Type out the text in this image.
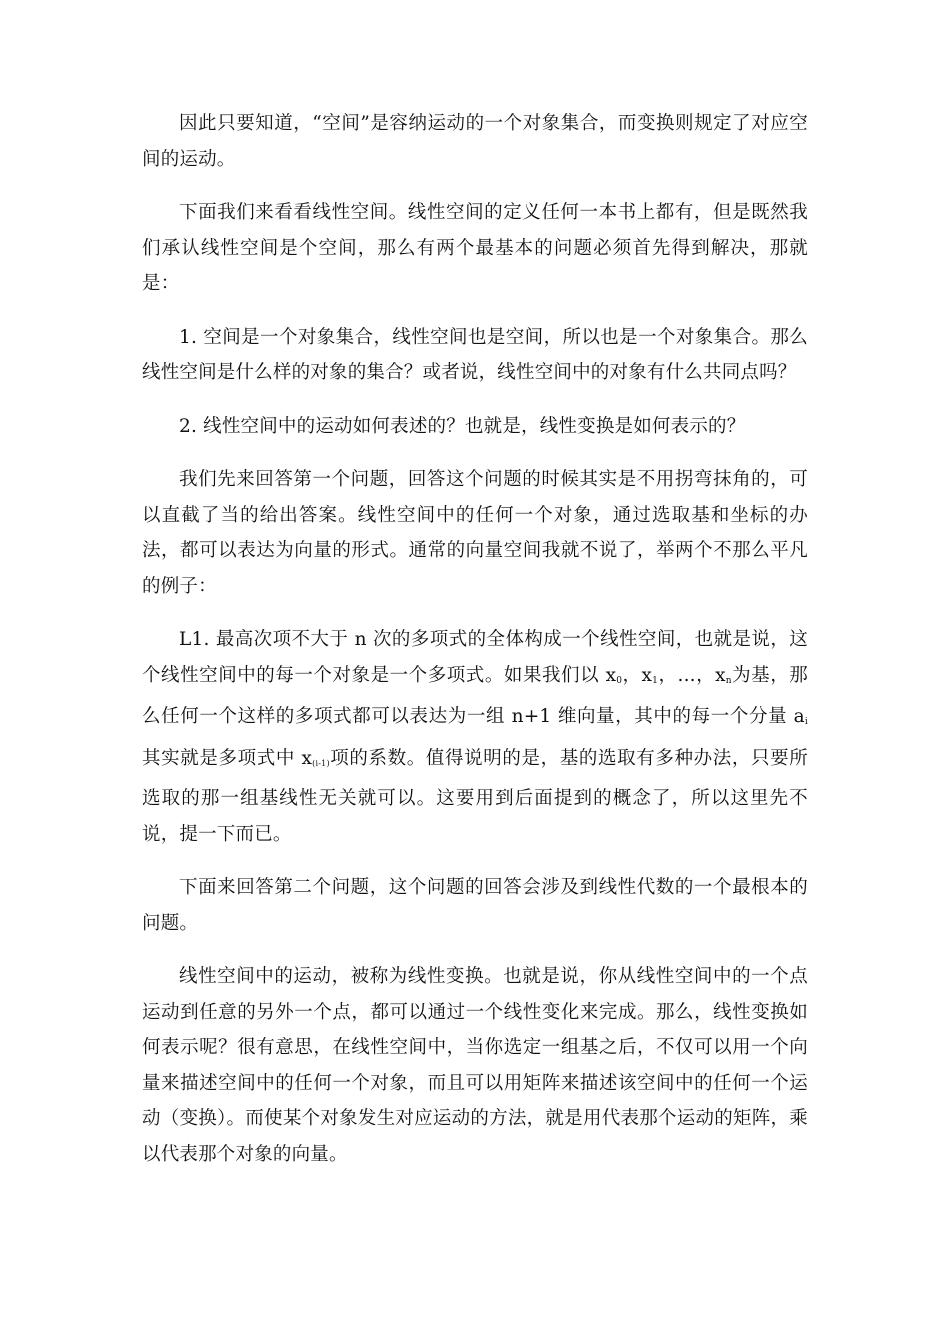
因此只要知道，“空间”是容纳运动的一个对象集合，而变换则规定了对应空间的运动。

下面我们来看看线性空间。线性空间的定义任何一本书上都有，但是既然我们承认线性空间是个空间，那么有两个最基本的问题必须首先得到解决，那就是：

1. 空间是一个对象集合，线性空间也是空间，所以也是一个对象集合。那么线性空间是什么样的对象的集合？或者说，线性空间中的对象有什么共同点吗？

2. 线性空间中的运动如何表述的？也就是，线性变换是如何表示的？

我们先来回答第一个问题，回答这个问题的时候其实是不用拐弯抹角的，可以直截了当的给出答案。线性空间中的任何一个对象，通过选取基和坐标的办法，都可以表达为向量的形式。通常的向量空间我就不说了，举两个不那么平凡的例子：

L1. 最高次项不大于 n 次的多项式的全体构成一个线性空间，也就是说，这个线性空间中的每一个对象是一个多项式。如果我们以 $x_0$，$x_1$，...，$x_n$为基，那么任何一个这样的多项式都可以表达为一组 n+1 维向量，其中的每一个分量 $a_i$其实就是多项式中 x(i-1)项的系数。值得说明的是，基的选取有多种办法，只要所选取的那一组基线性无关就可以。这要用到后面提到的概念了，所以这里先不说，提一下而已。

下面来回答第二个问题，这个问题的回答会涉及到线性代数的一个最根本的问题。

线性空间中的运动，被称为线性变换。也就是说，你从线性空间中的一个点运动到任意的另外一个点，都可以通过一个线性变化来完成。那么，线性变换如何表示呢？很有意思，在线性空间中，当你选定一组基之后，不仅可以用一个向量来描述空间中的任何一个对象，而且可以用矩阵来描述该空间中的任何一个运动（变换）。而使某个对象发生对应运动的方法，就是用代表那个运动的矩阵，乘以代表那个对象的向量。
